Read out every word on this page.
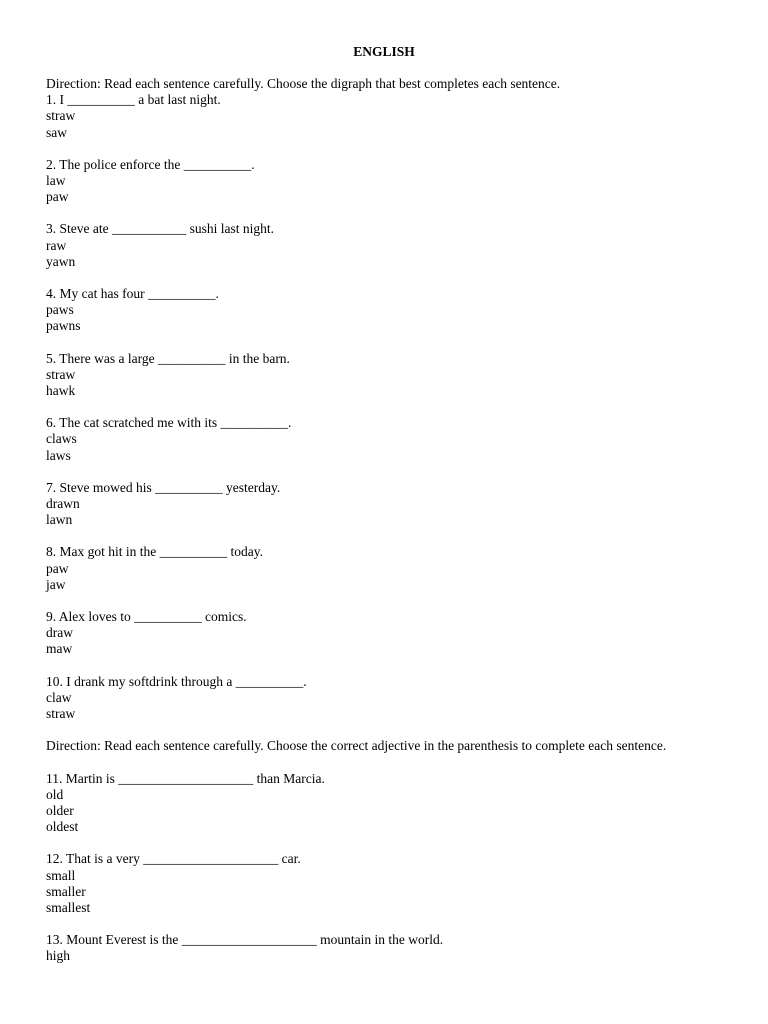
ENGLISH
Direction: Read each sentence carefully. Choose the digraph that best completes each sentence.
1. I __________ a bat last night.
straw
saw
2. The police enforce the __________.
law
paw
3. Steve ate ___________ sushi last night.
raw
yawn
4. My cat has four __________.
paws
pawns
5. There was a large __________ in the barn.
straw
hawk
6. The cat scratched me with its __________.
claws
laws
7. Steve mowed his __________ yesterday.
drawn
lawn
8. Max got hit in the __________ today.
paw
jaw
9. Alex loves to __________ comics.
draw
maw
10. I drank my softdrink through a __________.
claw
straw
Direction: Read each sentence carefully. Choose the correct adjective in the parenthesis to complete each sentence.
11. Martin is ____________________ than Marcia.
old
older
oldest
12. That is a very ____________________ car.
small
smaller
smallest
13. Mount Everest is the ____________________ mountain in the world.
high
